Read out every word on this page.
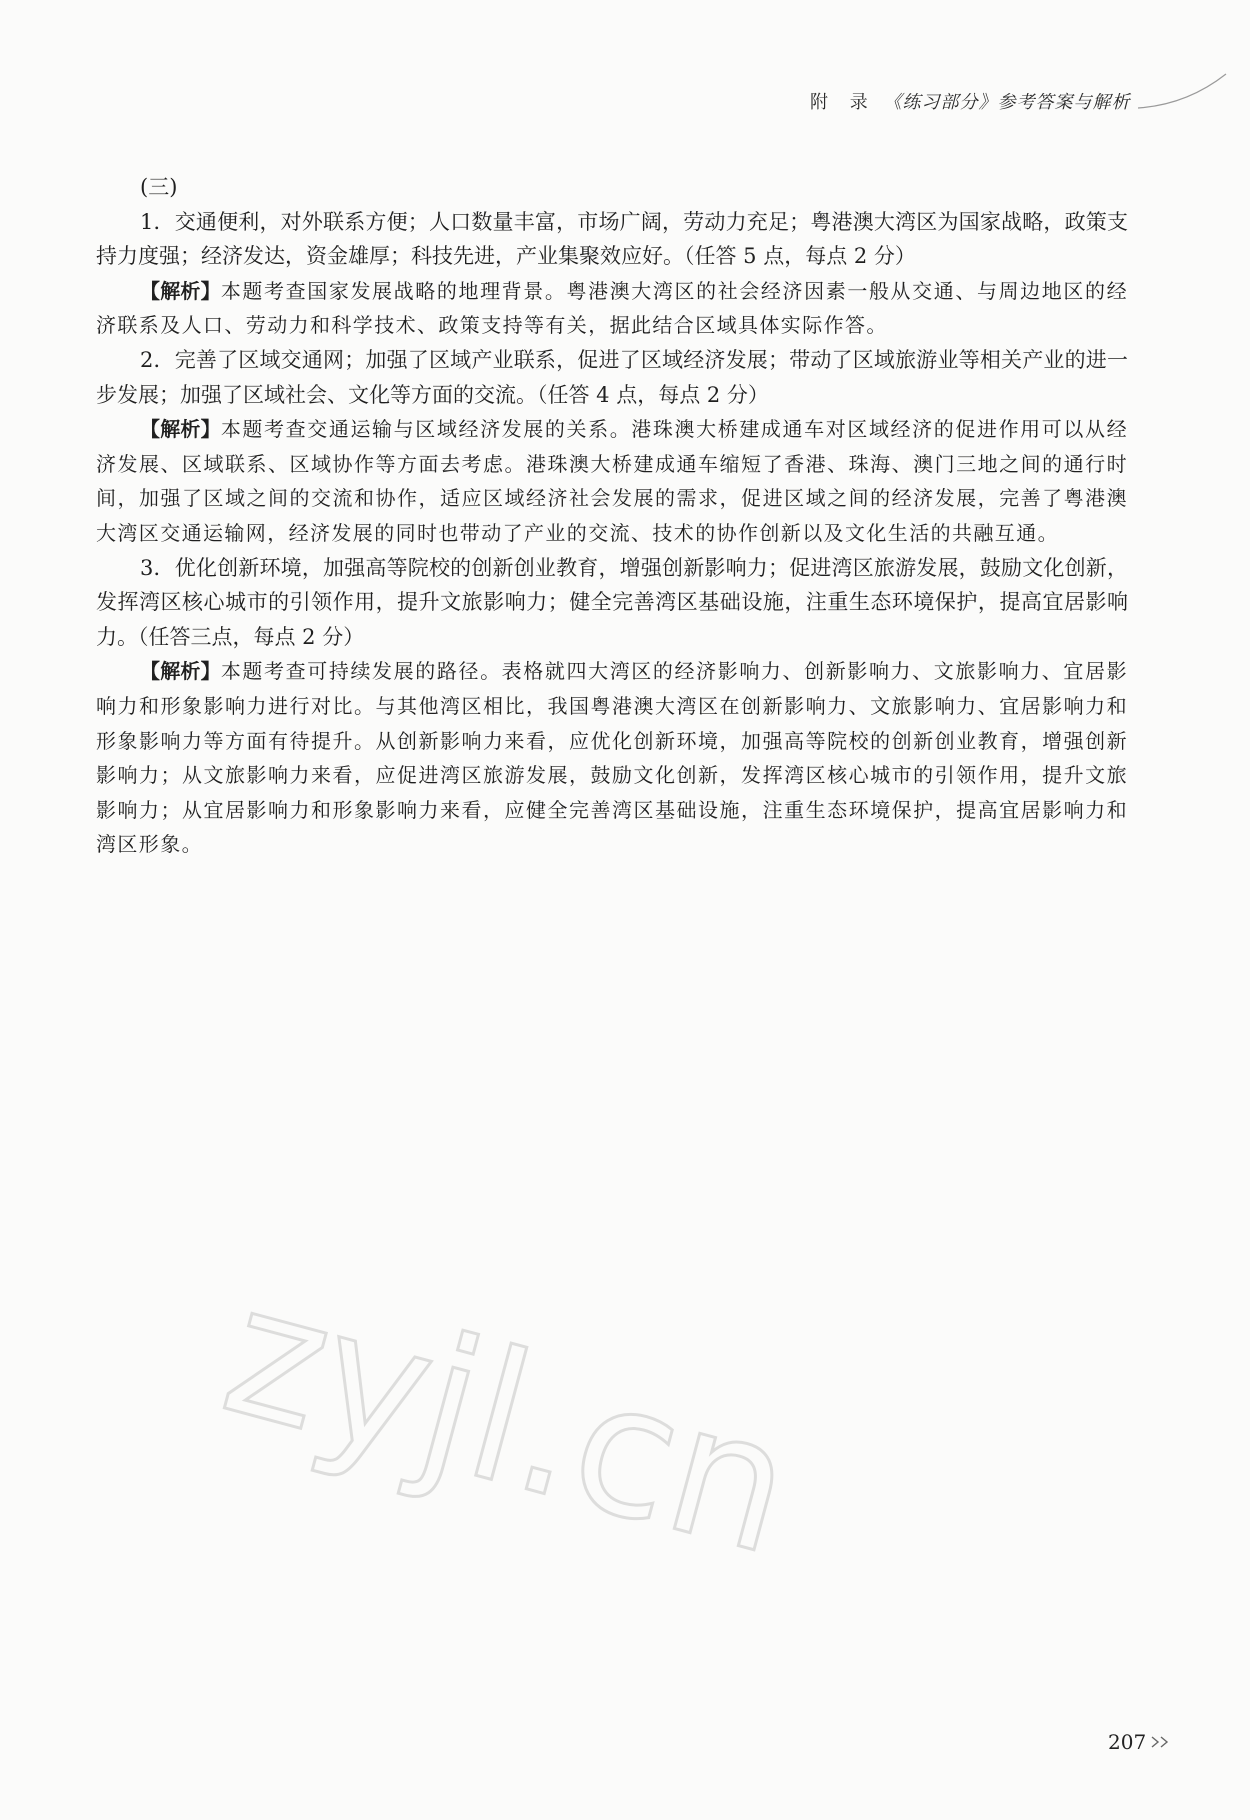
附 录 《练习部分》参考答案与解析

(三)

1．交通便利，对外联系方便；人口数量丰富，市场广阔，劳动力充足；粤港澳大湾区为国家战略，政策支持力度强；经济发达，资金雄厚；科技先进，产业集聚效应好。（任答 5 点，每点 2 分）

【解析】本题考查国家发展战略的地理背景。粤港澳大湾区的社会经济因素一般从交通、与周边地区的经济联系及人口、劳动力和科学技术、政策支持等有关，据此结合区域具体实际作答。

2．完善了区域交通网；加强了区域产业联系，促进了区域经济发展；带动了区域旅游业等相关产业的进一步发展；加强了区域社会、文化等方面的交流。（任答 4 点，每点 2 分）

【解析】本题考查交通运输与区域经济发展的关系。港珠澳大桥建成通车对区域经济的促进作用可以从经济发展、区域联系、区域协作等方面去考虑。港珠澳大桥建成通车缩短了香港、珠海、澳门三地之间的通行时间，加强了区域之间的交流和协作，适应区域经济社会发展的需求，促进区域之间的经济发展，完善了粤港澳大湾区交通运输网，经济发展的同时也带动了产业的交流、技术的协作创新以及文化生活的共融互通。

3．优化创新环境，加强高等院校的创新创业教育，增强创新影响力；促进湾区旅游发展，鼓励文化创新，发挥湾区核心城市的引领作用，提升文旅影响力；健全完善湾区基础设施，注重生态环境保护，提高宜居影响力。（任答三点，每点 2 分）

【解析】本题考查可持续发展的路径。表格就四大湾区的经济影响力、创新影响力、文旅影响力、宜居影响力和形象影响力进行对比。与其他湾区相比，我国粤港澳大湾区在创新影响力、文旅影响力、宜居影响力和形象影响力等方面有待提升。从创新影响力来看，应优化创新环境，加强高等院校的创新创业教育，增强创新影响力；从文旅影响力来看，应促进湾区旅游发展，鼓励文化创新，发挥湾区核心城市的引领作用，提升文旅影响力；从宜居影响力和形象影响力来看，应健全完善湾区基础设施，注重生态环境保护，提高宜居影响力和湾区形象。

zyjl.cn
207
